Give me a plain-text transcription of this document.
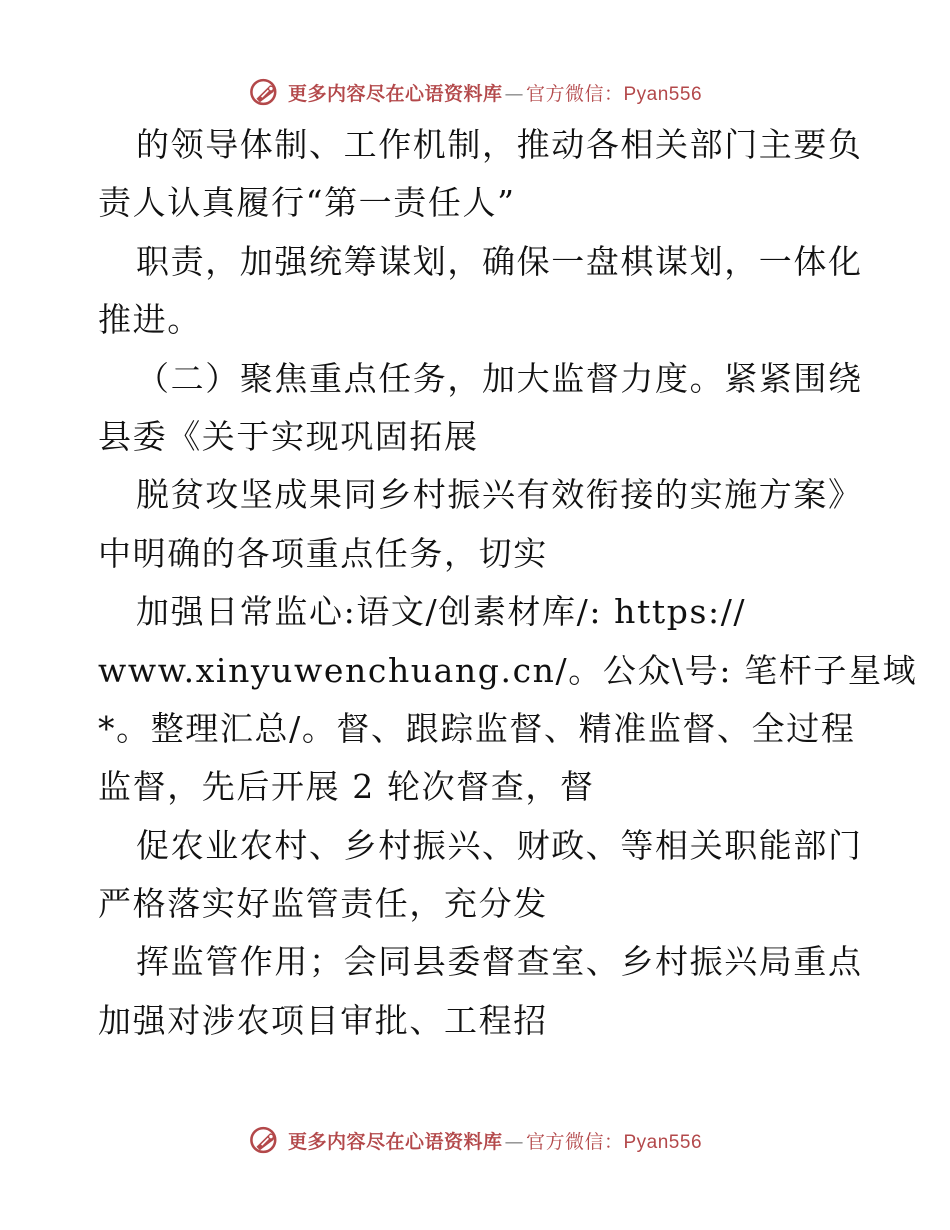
更多内容尽在心语资料库 — 官方微信：Pyan556
的领导体制、工作机制，推动各相关部门主要负
责人认真履行“第一责任人”
职责，加强统筹谋划，确保一盘棋谋划，一体化
推进。
（二）聚焦重点任务，加大监督力度。紧紧围绕
县委《关于实现巩固拓展
脱贫攻坚成果同乡村振兴有效衔接的实施方案》
中明确的各项重点任务，切实
加强日常监心:语文/创素材库/: https://
www.xinyuwenchuang.cn/。公众\号: 笔杆子星域
*。整理汇总/。督、跟踪监督、精准监督、全过程
监督，先后开展 2 轮次督查，督
促农业农村、乡村振兴、财政、等相关职能部门
严格落实好监管责任，充分发
挥监管作用；会同县委督查室、乡村振兴局重点
加强对涉农项目审批、工程招
更多内容尽在心语资料库 — 官方微信：Pyan556
